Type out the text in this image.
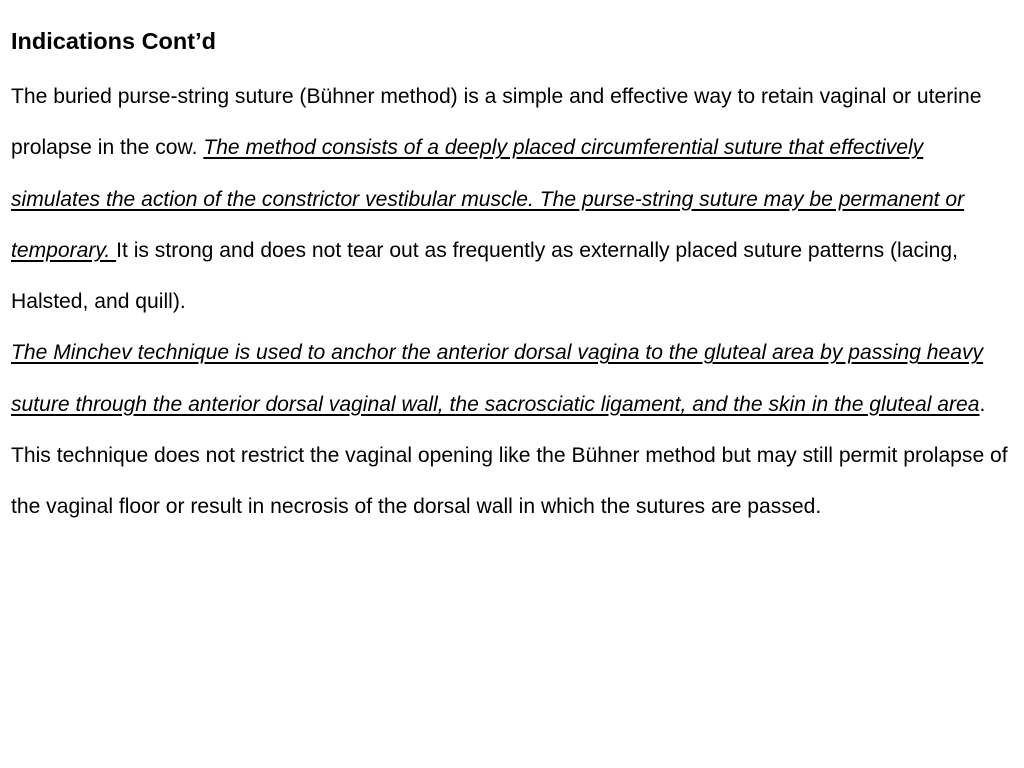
Indications Cont’d

The buried purse-string suture (Bühner method) is a simple and effective way to retain vaginal or uterine prolapse in the cow. The method consists of a deeply placed circumferential suture that effectively simulates the action of the constrictor vestibular muscle. The purse-string suture may be permanent or temporary. It is strong and does not tear out as frequently as externally placed suture patterns (lacing, Halsted, and quill).

The Minchev technique is used to anchor the anterior dorsal vagina to the gluteal area by passing heavy suture through the anterior dorsal vaginal wall, the sacrosciatic ligament, and the skin in the gluteal area. This technique does not restrict the vaginal opening like the Bühner method but may still permit prolapse of the vaginal floor or result in necrosis of the dorsal wall in which the sutures are passed.
